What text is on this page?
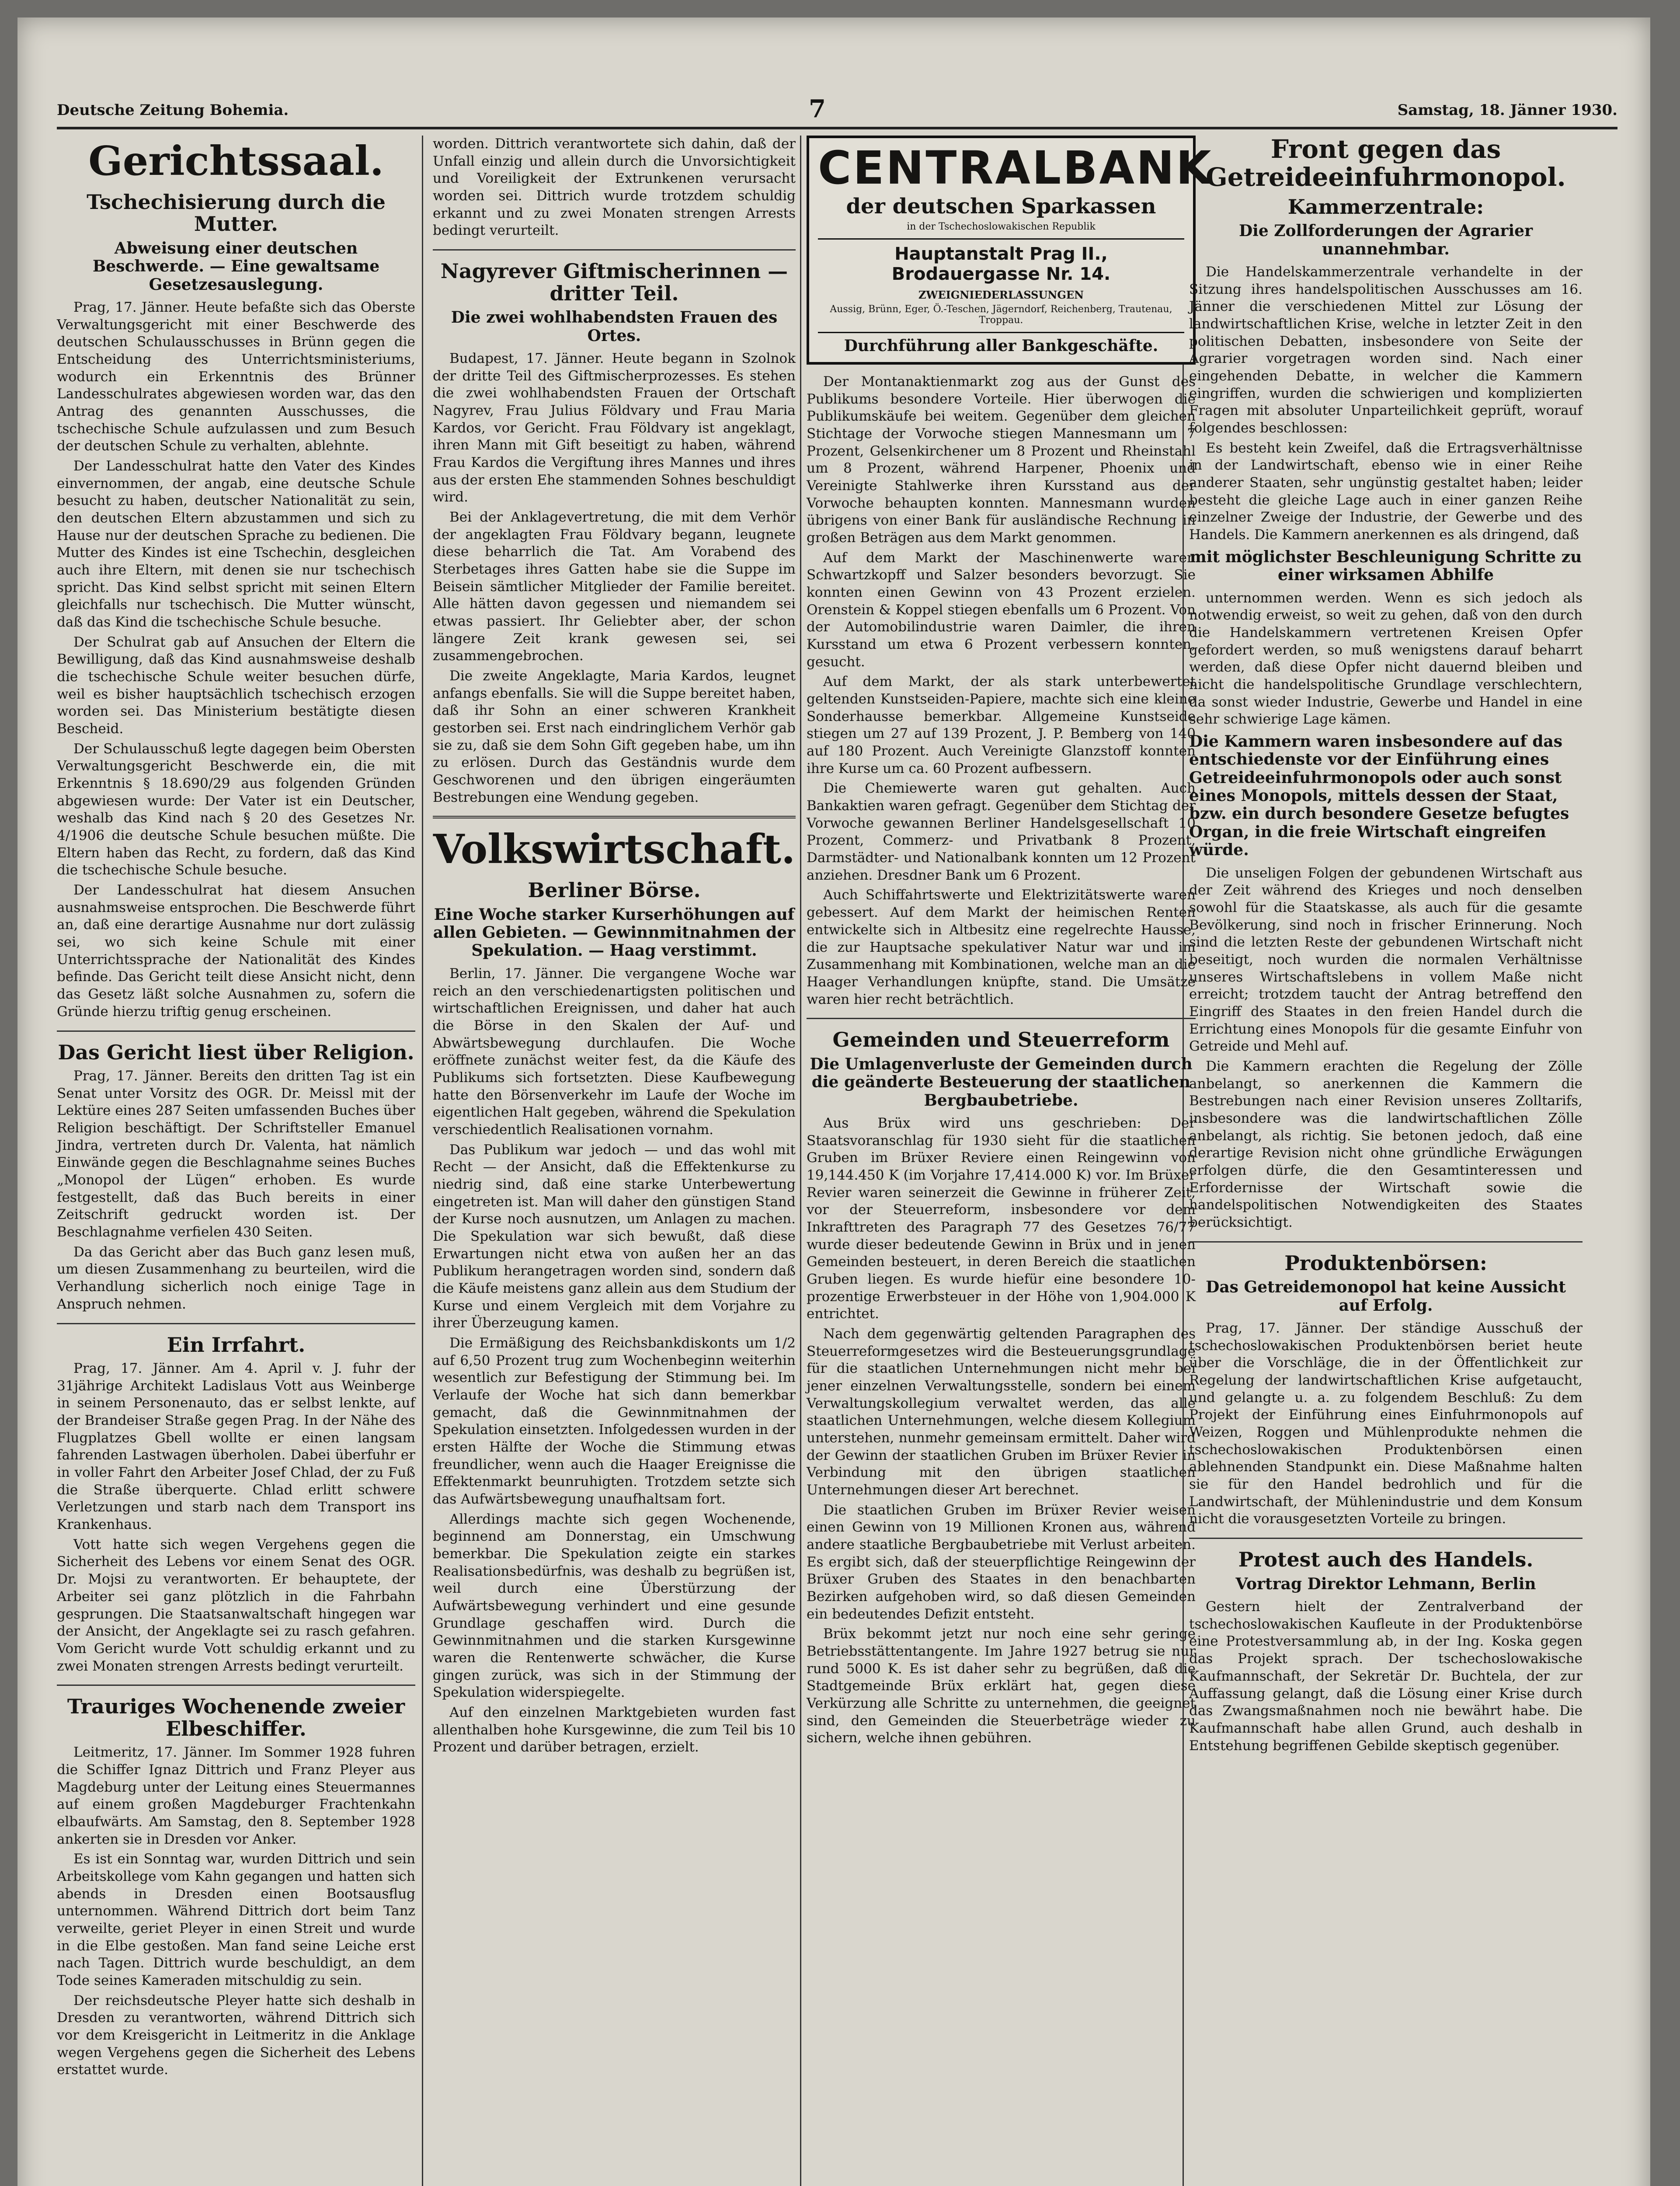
Deutsche Zeitung Bohemia.	7	Samstag, 18. Jänner 1930.
Gerichtssaal.
Tschechisierung durch die Mutter.
Abweisung einer deutschen Beschwerde. — Eine gewaltsame Gesetzesauslegung.

Prag, 17. Jänner. Heute befaßte sich das Oberste Verwaltungsgericht mit einer Beschwerde des deutschen Schulausschusses in Brünn gegen die Entscheidung des Unterrichtsministeriums, wodurch ein Erkenntnis des Brünner Landesschulrates abgewiesen worden war, das den Antrag des genannten Ausschusses, die tschechische Schule aufzulassen und zum Besuch der deutschen Schule zu verhalten, ablehnte.

Der Landesschulrat hatte den Vater des Kindes einvernommen, der angab, eine deutsche Schule besucht zu haben, deutscher Nationalität zu sein, den deutschen Eltern abzustammen und sich zu Hause nur der deutschen Sprache zu bedienen. Die Mutter des Kindes ist eine Tschechin, desgleichen auch ihre Eltern, mit denen sie nur tschechisch spricht. Das Kind selbst spricht mit seinen Eltern gleichfalls nur tschechisch. Die Mutter wünscht, daß das Kind die tschechische Schule besuche.

Der Schulrat gab auf Ansuchen der Eltern die Bewilligung, daß das Kind ausnahmsweise deshalb die tschechische Schule weiter besuchen dürfe, weil es bisher hauptsächlich tschechisch erzogen worden sei. Das Ministerium bestätigte diesen Bescheid.

Der Schulausschuß legte dagegen beim Obersten Verwaltungsgericht Beschwerde ein, die mit Erkenntnis § 18.690/29 aus folgenden Gründen abgewiesen wurde: Der Vater ist ein Deutscher, weshalb das Kind nach § 20 des Gesetzes Nr. 4/1906 die deutsche Schule besuchen müßte. Die Eltern haben das Recht, zu fordern, daß das Kind die tschechische Schule besuche.

Der Landesschulrat hat diesem Ansuchen ausnahmsweise entsprochen. Die Beschwerde führt an, daß eine derartige Ausnahme nur dort zulässig sei, wo sich keine Schule mit einer Unterrichtssprache der Nationalität des Kindes befinde. Das Gericht teilt diese Ansicht nicht, denn das Gesetz läßt solche Ausnahmen zu, sofern die Gründe hierzu triftig genug erscheinen.

Das Gericht liest über Religion.

Prag, 17. Jänner. Bereits den dritten Tag ist ein Senat unter Vorsitz des OGR. Dr. Meissl mit der Lektüre eines 287 Seiten umfassenden Buches über Religion beschäftigt. Der Schriftsteller Emanuel Jindra, vertreten durch Dr. Valenta, hat nämlich Einwände gegen die Beschlagnahme seines Buches „Monopol der Lügen“ erhoben. Es wurde festgestellt, daß das Buch bereits in einer Zeitschrift gedruckt worden ist. Der Beschlagnahme verfielen 430 Seiten.

Da das Gericht aber das Buch ganz lesen muß, um diesen Zusammenhang zu beurteilen, wird die Verhandlung sicherlich noch einige Tage in Anspruch nehmen.

Ein Irrfahrt.

Prag, 17. Jänner. Am 4. April v. J. fuhr der 31jährige Architekt Ladislaus Vott aus Weinberge in seinem Personenauto, das er selbst lenkte, auf der Brandeiser Straße gegen Prag. In der Nähe des Flugplatzes Gbell wollte er einen langsam fahrenden Lastwagen überholen. Dabei überfuhr er in voller Fahrt den Arbeiter Josef Chlad, der zu Fuß die Straße überquerte. Chlad erlitt schwere Verletzungen und starb nach dem Transport ins Krankenhaus.

Vott hatte sich wegen Vergehens gegen die Sicherheit des Lebens vor einem Senat des OGR. Dr. Mojsi zu verantworten. Er behauptete, der Arbeiter sei ganz plötzlich in die Fahrbahn gesprungen. Die Staatsanwaltschaft hingegen war der Ansicht, der Angeklagte sei zu rasch gefahren. Vom Gericht wurde Vott schuldig erkannt und zu zwei Monaten strengen Arrests bedingt verurteilt.

Trauriges Wochenende zweier Elbeschiffer.

Leitmeritz, 17. Jänner. Im Sommer 1928 fuhren die Schiffer Ignaz Dittrich und Franz Pleyer aus Magdeburg unter der Leitung eines Steuermannes auf einem großen Magdeburger Frachtenkahn elbaufwärts. Am Samstag, den 8. September 1928 ankerten sie in Dresden vor Anker.

Es ist ein Sonntag war, wurden Dittrich und sein Arbeitskollege vom Kahn gegangen und hatten sich abends in Dresden einen Bootsausflug unternommen. Während Dittrich dort beim Tanz verweilte, geriet Pleyer in einen Streit und wurde in die Elbe gestoßen. Man fand seine Leiche erst nach Tagen. Dittrich wurde beschuldigt, an dem Tode seines Kameraden mitschuldig zu sein.

Der reichsdeutsche Pleyer hatte sich deshalb in Dresden zu verantworten, während Dittrich sich vor dem Kreisgericht in Leitmeritz in die Anklage wegen Vergehens gegen die Sicherheit des Lebens erstattet wurde.

worden. Dittrich verantwortete sich dahin, daß der Unfall einzig und allein durch die Unvorsichtigkeit und Voreiligkeit der Extrunkenen verursacht worden sei. Dittrich wurde trotzdem schuldig erkannt und zu zwei Monaten strengen Arrests bedingt verurteilt.

Nagyrever Giftmischerinnen — dritter Teil.
Die zwei wohlhabendsten Frauen des Ortes.

Budapest, 17. Jänner. Heute begann in Szolnok der dritte Teil des Giftmischerprozesses. Es stehen die zwei wohlhabendsten Frauen der Ortschaft Nagyrev, Frau Julius Földvary und Frau Maria Kardos, vor Gericht. Frau Földvary ist angeklagt, ihren Mann mit Gift beseitigt zu haben, während Frau Kardos die Vergiftung ihres Mannes und ihres aus der ersten Ehe stammenden Sohnes beschuldigt wird.

Bei der Anklagevertretung, die mit dem Verhör der angeklagten Frau Földvary begann, leugnete diese beharrlich die Tat. Am Vorabend des Sterbetages ihres Gatten habe sie die Suppe im Beisein sämtlicher Mitglieder der Familie bereitet. Alle hätten davon gegessen und niemandem sei etwas passiert. Ihr Geliebter aber, der schon längere Zeit krank gewesen sei, sei zusammengebrochen.

Die zweite Angeklagte, Maria Kardos, leugnet anfangs ebenfalls. Sie will die Suppe bereitet haben, daß ihr Sohn an einer schweren Krankheit gestorben sei. Erst nach eindringlichem Verhör gab sie zu, daß sie dem Sohn Gift gegeben habe, um ihn zu erlösen. Durch das Geständnis wurde dem Geschworenen und den übrigen eingeräumten Bestrebungen eine Wendung gegeben.

Volkswirtschaft.
Berliner Börse.
Eine Woche starker Kurserhöhungen auf allen Gebieten. — Gewinnmitnahmen der Spekulation. — Haag verstimmt.

Berlin, 17. Jänner. Die vergangene Woche war reich an den verschiedenartigsten politischen und wirtschaftlichen Ereignissen, und daher hat auch die Börse in den Skalen der Auf- und Abwärtsbewegung durchlaufen. Die Woche eröffnete zunächst weiter fest, da die Käufe des Publikums sich fortsetzten. Diese Kaufbewegung hatte den Börsenverkehr im Laufe der Woche im eigentlichen Halt gegeben, während die Spekulation verschiedentlich Realisationen vornahm.

Das Publikum war jedoch — und das wohl mit Recht — der Ansicht, daß die Effektenkurse zu niedrig sind, daß eine starke Unterbewertung eingetreten ist. Man will daher den günstigen Stand der Kurse noch ausnutzen, um Anlagen zu machen. Die Spekulation war sich bewußt, daß diese Erwartungen nicht etwa von außen her an das Publikum herangetragen worden sind, sondern daß die Käufe meistens ganz allein aus dem Studium der Kurse und einem Vergleich mit dem Vorjahre zu ihrer Überzeugung kamen.

Die Ermäßigung des Reichsbankdiskonts um 1/2 auf 6,50 Prozent trug zum Wochenbeginn weiterhin wesentlich zur Befestigung der Stimmung bei. Im Verlaufe der Woche hat sich dann bemerkbar gemacht, daß die Gewinnmitnahmen der Spekulation einsetzten. Infolgedessen wurden in der ersten Hälfte der Woche die Stimmung etwas freundlicher, wenn auch die Haager Ereignisse die Effektenmarkt beunruhigten. Trotzdem setzte sich das Aufwärtsbewegung unaufhaltsam fort.

Allerdings machte sich gegen Wochenende, beginnend am Donnerstag, ein Umschwung bemerkbar. Die Spekulation zeigte ein starkes Realisationsbedürfnis, was deshalb zu begrüßen ist, weil durch eine Überstürzung der Aufwärtsbewegung verhindert und eine gesunde Grundlage geschaffen wird. Durch die Gewinnmitnahmen und die starken Kursgewinne waren die Rentenwerte schwächer, die Kurse gingen zurück, was sich in der Stimmung der Spekulation widerspiegelte.

Auf den einzelnen Marktgebieten wurden fast allenthalben hohe Kursgewinne, die zum Teil bis 10 Prozent und darüber betragen, erzielt.

CENTRALBANK
der deutschen Sparkassen
in der Tschechoslowakischen Republik
Hauptanstalt Prag II., Brodauergasse Nr. 14.
ZWEIGNIEDERLASSUNGEN
Aussig, Brünn, Eger, Ö.-Teschen, Jägerndorf, Reichenberg, Trautenau, Troppau.
Durchführung aller Bankgeschäfte.

Der Montanaktienmarkt zog aus der Gunst des Publikums besondere Vorteile. Hier überwogen die Publikumskäufe bei weitem. Gegenüber dem gleichen Stichtage der Vorwoche stiegen Mannesmann um 7 Prozent, Gelsenkirchener um 8 Prozent und Rheinstahl um 8 Prozent, während Harpener, Phoenix und Vereinigte Stahlwerke ihren Kursstand aus der Vorwoche behaupten konnten. Mannesmann wurden übrigens von einer Bank für ausländische Rechnung in großen Beträgen aus dem Markt genommen.

Auf dem Markt der Maschinenwerte waren Schwartzkopff und Salzer besonders bevorzugt. Sie konnten einen Gewinn von 43 Prozent erzielen. Orenstein & Koppel stiegen ebenfalls um 6 Prozent. Von der Automobilindustrie waren Daimler, die ihren Kursstand um etwa 6 Prozent verbessern konnten, gesucht.

Auf dem Markt, der als stark unterbewertet geltenden Kunstseiden-Papiere, machte sich eine kleine Sonderhausse bemerkbar. Allgemeine Kunstseide stiegen um 27 auf 139 Prozent, J. P. Bemberg von 140 auf 180 Prozent. Auch Vereinigte Glanzstoff konnten ihre Kurse um ca. 60 Prozent aufbessern.

Die Chemiewerte waren gut gehalten. Auch Bankaktien waren gefragt. Gegenüber dem Stichtag der Vorwoche gewannen Berliner Handelsgesellschaft 10 Prozent, Commerz- und Privatbank 8 Prozent, Darmstädter- und Nationalbank konnten um 12 Prozent anziehen. Dresdner Bank um 6 Prozent.

Auch Schiffahrtswerte und Elektrizitätswerte waren gebessert. Auf dem Markt der heimischen Renten entwickelte sich in Altbesitz eine regelrechte Hausse, die zur Hauptsache spekulativer Natur war und im Zusammenhang mit Kombinationen, welche man an die Haager Verhandlungen knüpfte, stand. Die Umsätze waren hier recht beträchtlich.

Gemeinden und Steuerreform
Die Umlagenverluste der Gemeinden durch die geänderte Besteuerung der staatlichen Bergbaubetriebe.

Aus Brüx wird uns geschrieben: Der Staatsvoranschlag für 1930 sieht für die staatlichen Gruben im Brüxer Reviere einen Reingewinn von 19,144.450 K (im Vorjahre 17,414.000 K) vor. Im Brüxer Revier waren seinerzeit die Gewinne in früherer Zeit, vor der Steuerreform, insbesondere vor dem Inkrafttreten des Paragraph 77 des Gesetzes 76/77 wurde dieser bedeutende Gewinn in Brüx und in jenen Gemeinden besteuert, in deren Bereich die staatlichen Gruben liegen. Es wurde hiefür eine besondere 10-prozentige Erwerbsteuer in der Höhe von 1,904.000 K entrichtet.

Nach dem gegenwärtig geltenden Paragraphen des Steuerreformgesetzes wird die Besteuerungsgrundlage für die staatlichen Unternehmungen nicht mehr bei jener einzelnen Verwaltungsstelle, sondern bei einem Verwaltungskollegium verwaltet werden, das alle staatlichen Unternehmungen, welche diesem Kollegium unterstehen, nunmehr gemeinsam ermittelt. Daher wird der Gewinn der staatlichen Gruben im Brüxer Revier in Verbindung mit den übrigen staatlichen Unternehmungen dieser Art berechnet.

Die staatlichen Gruben im Brüxer Revier weisen einen Gewinn von 19 Millionen Kronen aus, während andere staatliche Bergbaubetriebe mit Verlust arbeiten. Es ergibt sich, daß der steuerpflichtige Reingewinn der Brüxer Gruben des Staates in den benachbarten Bezirken aufgehoben wird, so daß diesen Gemeinden ein bedeutendes Defizit entsteht.

Brüx bekommt jetzt nur noch eine sehr geringe Betriebsstättentangente. Im Jahre 1927 betrug sie nur rund 5000 K. Es ist daher sehr zu begrüßen, daß die Stadtgemeinde Brüx erklärt hat, gegen diese Verkürzung alle Schritte zu unternehmen, die geeignet sind, den Gemeinden die Steuerbeträge wieder zu sichern, welche ihnen gebühren.

Front gegen das Getreideeinfuhrmonopol.
Kammerzentrale:
Die Zollforderungen der Agrarier unannehmbar.

Die Handelskammerzentrale verhandelte in der Sitzung ihres handelspolitischen Ausschusses am 16. Jänner die verschiedenen Mittel zur Lösung der landwirtschaftlichen Krise, welche in letzter Zeit in den politischen Debatten, insbesondere von Seite der Agrarier vorgetragen worden sind. Nach einer eingehenden Debatte, in welcher die Kammern eingriffen, wurden die schwierigen und komplizierten Fragen mit absoluter Unparteilichkeit geprüft, worauf folgendes beschlossen:

Es besteht kein Zweifel, daß die Ertragsverhältnisse in der Landwirtschaft, ebenso wie in einer Reihe anderer Staaten, sehr ungünstig gestaltet haben; leider besteht die gleiche Lage auch in einer ganzen Reihe einzelner Zweige der Industrie, der Gewerbe und des Handels. Die Kammern anerkennen es als dringend, daß

mit möglichster Beschleunigung Schritte zu einer wirksamen Abhilfe

unternommen werden. Wenn es sich jedoch als notwendig erweist, so weit zu gehen, daß von den durch die Handelskammern vertretenen Kreisen Opfer gefordert werden, so muß wenigstens darauf beharrt werden, daß diese Opfer nicht dauernd bleiben und nicht die handelspolitische Grundlage verschlechtern, da sonst wieder Industrie, Gewerbe und Handel in eine sehr schwierige Lage kämen.

Die Kammern waren insbesondere auf das entschiedenste vor der Einführung eines Getreideeinfuhrmonopols oder auch sonst eines Monopols, mittels dessen der Staat, bzw. ein durch besondere Gesetze befugtes Organ, in die freie Wirtschaft eingreifen würde.

Die unseligen Folgen der gebundenen Wirtschaft aus der Zeit während des Krieges und noch denselben sowohl für die Staatskasse, als auch für die gesamte Bevölkerung, sind noch in frischer Erinnerung. Noch sind die letzten Reste der gebundenen Wirtschaft nicht beseitigt, noch wurden die normalen Verhältnisse unseres Wirtschaftslebens in vollem Maße nicht erreicht; trotzdem taucht der Antrag betreffend den Eingriff des Staates in den freien Handel durch die Errichtung eines Monopols für die gesamte Einfuhr von Getreide und Mehl auf.

Die Kammern erachten die Regelung der Zölle anbelangt, so anerkennen die Kammern die Bestrebungen nach einer Revision unseres Zolltarifs, insbesondere was die landwirtschaftlichen Zölle anbelangt, als richtig. Sie betonen jedoch, daß eine derartige Revision nicht ohne gründliche Erwägungen erfolgen dürfe, die den Gesamtinteressen und Erfordernisse der Wirtschaft sowie die handelspolitischen Notwendigkeiten des Staates berücksichtigt.

Produktenbörsen:
Das Getreidemonopol hat keine Aussicht auf Erfolg.

Prag, 17. Jänner. Der ständige Ausschuß der tschechoslowakischen Produktenbörsen beriet heute über die Vorschläge, die in der Öffentlichkeit zur Regelung der landwirtschaftlichen Krise aufgetaucht, und gelangte u. a. zu folgendem Beschluß: Zu dem Projekt der Einführung eines Einfuhrmonopols auf Weizen, Roggen und Mühlenprodukte nehmen die tschechoslowakischen Produktenbörsen einen ablehnenden Standpunkt ein. Diese Maßnahme halten sie für den Handel bedrohlich und für die Landwirtschaft, der Mühlenindustrie und dem Konsum nicht die vorausgesetzten Vorteile zu bringen.

Protest auch des Handels.
Vortrag Direktor Lehmann, Berlin

Gestern hielt der Zentralverband der tschechoslowakischen Kaufleute in der Produktenbörse eine Protestversammlung ab, in der Ing. Koska gegen das Projekt sprach. Der tschechoslowakische Kaufmannschaft, der Sekretär Dr. Buchtela, der zur Auffassung gelangt, daß die Lösung einer Krise durch das Zwangsmaßnahmen noch nie bewährt habe. Die Kaufmannschaft habe allen Grund, auch deshalb in Entstehung begriffenen Gebilde skeptisch gegenüber.
